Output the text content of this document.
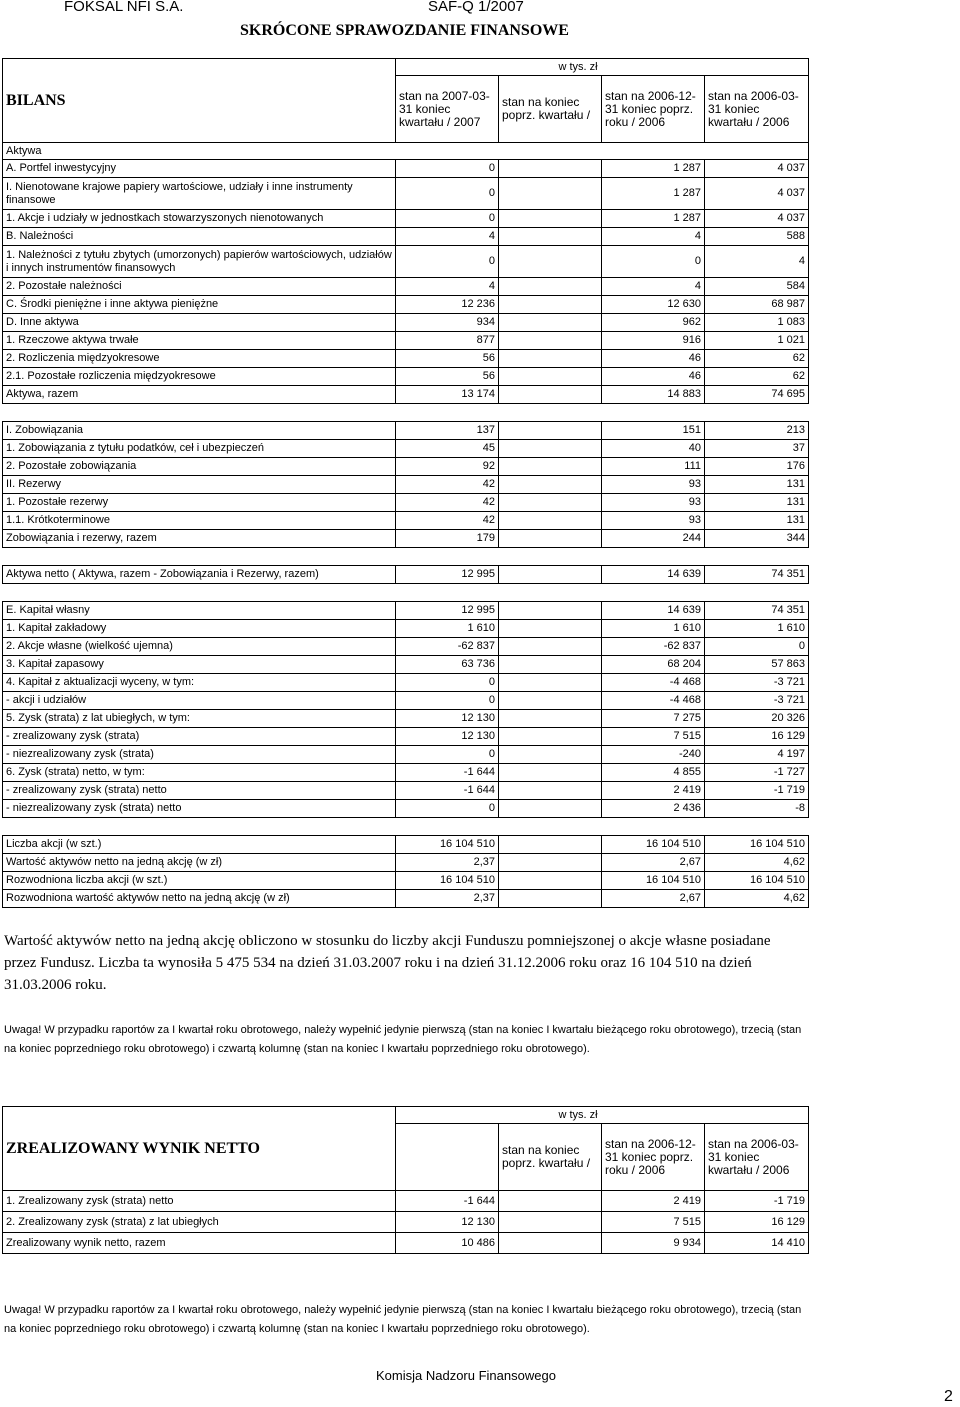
FOKSAL NFI S.A.	SAF-Q 1/2007
SKRÓCONE SPRAWOZDANIE FINANSOWE
BILANS		w tys. zł		
	stan na 2007-03-31 koniec kwartału / 2007	stan na koniec poprz. kwartału /	stan na 2006-12-31 koniec poprz. roku / 2006	stan na 2006-03-31 koniec kwartału / 2006
Aktywa				
A. Portfel inwestycyjny	0		1 287	4 037
I. Nienotowane krajowe papiery wartościowe, udziały i inne instrumenty finansowe	0		1 287	4 037
1. Akcje i udziały w jednostkach stowarzyszonych nienotowanych	0		1 287	4 037
B. Należności	4		4	588
1. Należności z tytułu zbytych (umorzonych) papierów wartościowych, udziałów i innych instrumentów finansowych	0		0	4
2. Pozostałe należności	4		4	584
C. Środki pieniężne i inne aktywa pieniężne	12 236		12 630	68 987
D. Inne aktywa	934		962	1 083
1. Rzeczowe aktywa trwałe	877		916	1 021
2. Rozliczenia międzyokresowe	56		46	62
2.1. Pozostałe rozliczenia międzyokresowe	56		46	62
Aktywa, razem	13 174		14 883	74 695

I. Zobowiązania	137		151	213
1. Zobowiązania z tytułu podatków, ceł i ubezpieczeń	45		40	37
2. Pozostałe zobowiązania	92		111	176
II. Rezerwy	42		93	131
1. Pozostałe rezerwy	42		93	131
1.1. Krótkoterminowe	42		93	131
Zobowiązania i rezerwy, razem	179		244	344

Aktywa netto ( Aktywa, razem - Zobowiązania i Rezerwy, razem)	12 995		14 639	74 351

E. Kapitał własny	12 995		14 639	74 351
1. Kapitał zakładowy	1 610		1 610	1 610
2. Akcje własne (wielkość ujemna)	-62 837		-62 837	0
3. Kapitał zapasowy	63 736		68 204	57 863
4. Kapitał z aktualizacji wyceny, w tym:	0		-4 468	-3 721
- akcji i udziałów	0		-4 468	-3 721
5. Zysk (strata) z lat ubiegłych, w tym:	12 130		7 275	20 326
- zrealizowany zysk (strata)	12 130		7 515	16 129
- niezrealizowany zysk (strata)	0		-240	4 197
6. Zysk (strata) netto, w tym:	-1 644		4 855	-1 727
- zrealizowany zysk (strata) netto	-1 644		2 419	-1 719
- niezrealizowany zysk (strata) netto	0		2 436	-8

Liczba akcji (w szt.)	16 104 510		16 104 510	16 104 510
Wartość aktywów netto na jedną akcję (w zł)	2,37		2,67	4,62
Rozwodniona liczba akcji (w szt.)	16 104 510		16 104 510	16 104 510
Rozwodniona wartość aktywów netto na jedną akcję (w zł)	2,37		2,67	4,62
Wartość aktywów netto na jedną akcję obliczono w stosunku do liczby akcji Funduszu pomniejszonej o akcje własne posiadane przez Fundusz. Liczba ta wynosiła 5 475 534 na dzień 31.03.2007 roku i na dzień 31.12.2006 roku oraz 16 104 510 na dzień 31.03.2006 roku.
Uwaga! W przypadku raportów za I kwartał roku obrotowego, należy wypełnić jedynie pierwszą (stan na koniec I kwartału bieżącego roku obrotowego), trzecią (stan na koniec poprzedniego roku obrotowego) i czwartą kolumnę (stan na koniec I kwartału poprzedniego roku obrotowego).
ZREALIZOWANY WYNIK NETTO		w tys. zł		
		stan na koniec poprz. kwartału /	stan na 2006-12-31 koniec poprz. roku / 2006	stan na 2006-03-31 koniec kwartału / 2006
1. Zrealizowany zysk (strata) netto	-1 644		2 419	-1 719
2. Zrealizowany zysk (strata) z lat ubiegłych	12 130		7 515	16 129
Zrealizowany wynik netto, razem	10 486		9 934	14 410
Uwaga! W przypadku raportów za I kwartał roku obrotowego, należy wypełnić jedynie pierwszą (stan na koniec I kwartału bieżącego roku obrotowego), trzecią (stan na koniec poprzedniego roku obrotowego) i czwartą kolumnę (stan na koniec I kwartału poprzedniego roku obrotowego).
Komisja Nadzoru Finansowego
2
